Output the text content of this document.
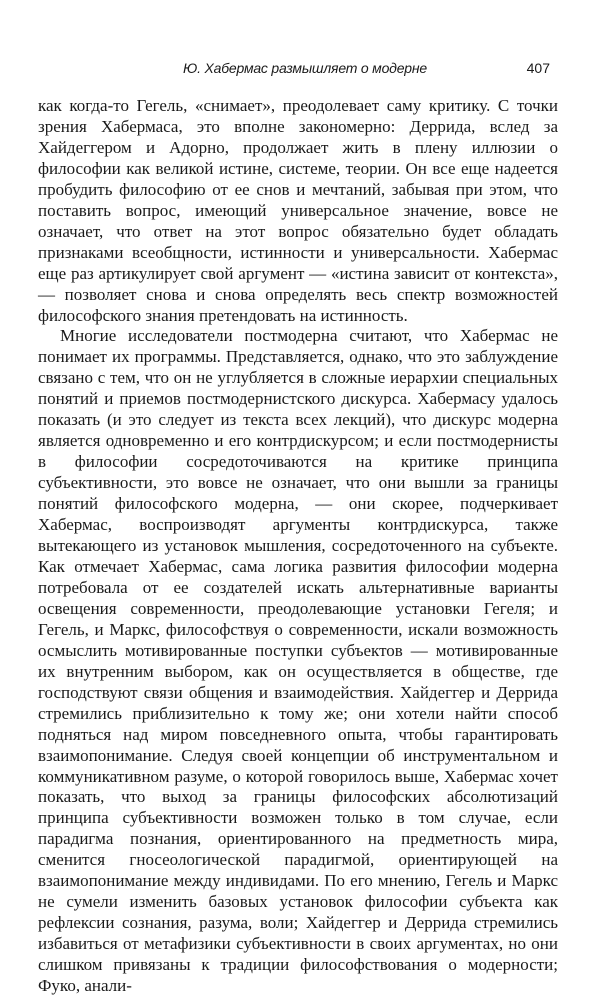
Ю. Хабермас размышляет о модерне	407

как когда-то Гегель, «снимает», преодолевает саму критику. С точки зрения Хабермаса, это вполне закономерно: Деррида, вслед за Хайдеггером и Адорно, продолжает жить в плену иллюзии о философии как великой истине, системе, теории. Он все еще надеется пробудить философию от ее снов и мечтаний, забывая при этом, что поставить вопрос, имеющий универсальное значение, вовсе не означает, что ответ на этот вопрос обязательно будет обладать признаками всеобщности, истинности и универсальности. Хабермас еще раз артикулирует свой аргумент — «истина зависит от контекста», — позволяет снова и снова определять весь спектр возможностей философского знания претендовать на истинность.

Многие исследователи постмодерна считают, что Хабермас не понимает их программы. Представляется, однако, что это заблуждение связано с тем, что он не углубляется в сложные иерархии специальных понятий и приемов постмодернистского дискурса. Хабермасу удалось показать (и это следует из текста всех лекций), что дискурс модерна является одновременно и его контрдискурсом; и если постмодернисты в философии сосредоточиваются на критике принципа субъективности, это вовсе не означает, что они вышли за границы понятий философского модерна, — они скорее, подчеркивает Хабермас, воспроизводят аргументы контрдискурса, также вытекающего из установок мышления, сосредоточенного на субъекте. Как отмечает Хабермас, сама логика развития философии модерна потребовала от ее создателей искать альтернативные варианты освещения современности, преодолевающие установки Гегеля; и Гегель, и Маркс, философствуя о современности, искали возможность осмыслить мотивированные поступки субъектов — мотивированные их внутренним выбором, как он осуществляется в обществе, где господствуют связи общения и взаимодействия. Хайдеггер и Деррида стремились приблизительно к тому же; они хотели найти способ подняться над миром повседневного опыта, чтобы гарантировать взаимопонимание. Следуя своей концепции об инструментальном и коммуникативном разуме, о которой говорилось выше, Хабермас хочет показать, что выход за границы философских абсолютизаций принципа субъективности возможен только в том случае, если парадигма познания, ориентированного на предметность мира, сменится гносеологической парадигмой, ориентирующей на взаимопонимание между индивидами. По его мнению, Гегель и Маркс не сумели изменить базовых установок философии субъекта как рефлексии сознания, разума, воли; Хайдеггер и Деррида стремились избавиться от метафизики субъективности в своих аргументах, но они слишком привязаны к традиции философствования о модерности; Фуко, анали-
